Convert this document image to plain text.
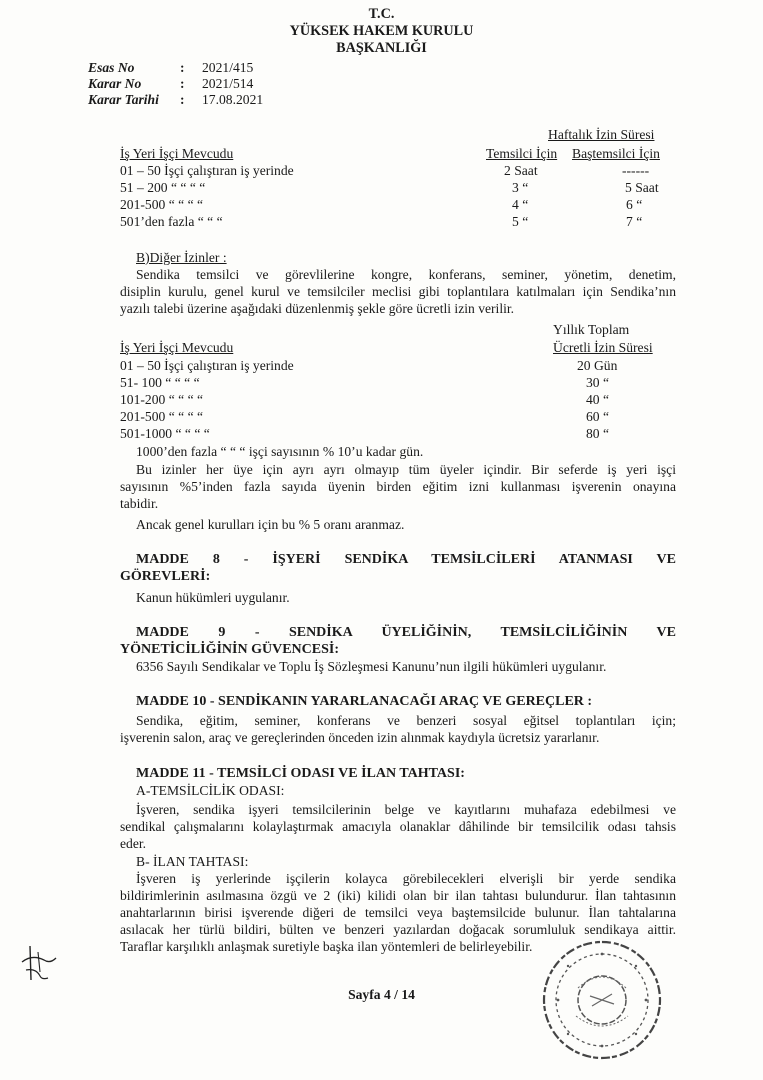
T.C.
YÜKSEK HAKEM KURULU
BAŞKANLIĞI
Esas No	: 2021/415
Karar No	: 2021/514
Karar Tarihi : 17.08.2021
Haftalık İzin Süresi
İş Yeri İşçi Mevcudu	Temsilci İçin Baştemsilci İçin
01 – 50 İşçi çalıştıran iş yerinde	2 Saat	------
51 – 200 “ “ “ “	3 “	5 Saat
201-500 “ “ “ “	4 “	6 “
501’den fazla “ “ “	5 “	7 “
B)Diğer İzinler :
Sendika temsilci ve görevlilerine kongre, konferans, seminer, yönetim, denetim,
disiplin kurulu, genel kurul ve temsilciler meclisi gibi toplantılara katılmaları için Sendika’nın
yazılı talebi üzerine aşağıdaki düzenlenmiş şekle göre ücretli izin verilir.
Yıllık Toplam
İş Yeri İşçi Mevcudu	Ücretli İzin Süresi
01 – 50 İşçi çalıştıran iş yerinde	20 Gün
51- 100 “ “ “ “	30 “
101-200 “ “ “ “	40 “
201-500 “ “ “ “	60 “
501-1000 “ “ “ “	80 “
1000’den fazla “ “ “ işçi sayısının % 10’u kadar gün.
Bu izinler her üye için ayrı ayrı olmayıp tüm üyeler içindir. Bir seferde iş yeri işçi
sayısının %5’inden fazla sayıda üyenin birden eğitim izni kullanması işverenin onayına
tabidir.
Ancak genel kurulları için bu % 5 oranı aranmaz.
MADDE 8 - İŞYERİ SENDİKA TEMSİLCİLERİ ATANMASI VE
GÖREVLERİ:
Kanun hükümleri uygulanır.
MADDE 9 - SENDİKA ÜYELİĞİNİN, TEMSİLCİLİĞİNİN VE
YÖNETİCİLİĞİNİN GÜVENCESİ:
6356 Sayılı Sendikalar ve Toplu İş Sözleşmesi Kanunu’nun ilgili hükümleri uygulanır.
MADDE 10 - SENDİKANIN YARARLANACAĞI ARAÇ VE GEREÇLER :
Sendika, eğitim, seminer, konferans ve benzeri sosyal eğitsel toplantıları için;
işverenin salon, araç ve gereçlerinden önceden izin alınmak kaydıyla ücretsiz yararlanır.
MADDE 11 - TEMSİLCİ ODASI VE İLAN TAHTASI:
A-TEMSİLCİLİK ODASI:
İşveren, sendika işyeri temsilcilerinin belge ve kayıtlarını muhafaza edebilmesi ve
sendikal çalışmalarını kolaylaştırmak amacıyla olanaklar dâhilinde bir temsilcilik odası tahsis
eder.
B- İLAN TAHTASI:
İşveren iş yerlerinde işçilerin kolayca görebilecekleri elverişli bir yerde sendika
bildirimlerinin asılmasına özgü ve 2 (iki) kilidi olan bir ilan tahtası bulundurur. İlan tahtasının
anahtarlarının birisi işverende diğeri de temsilci veya baştemsilcide bulunur. İlan tahtalarına
asılacak her türlü bildiri, bülten ve benzeri yazılardan doğacak sorumluluk sendikaya aittir.
Taraflar karşılıklı anlaşmak suretiyle başka ilan yöntemleri de belirleyebilir.
Sayfa 4 / 14
